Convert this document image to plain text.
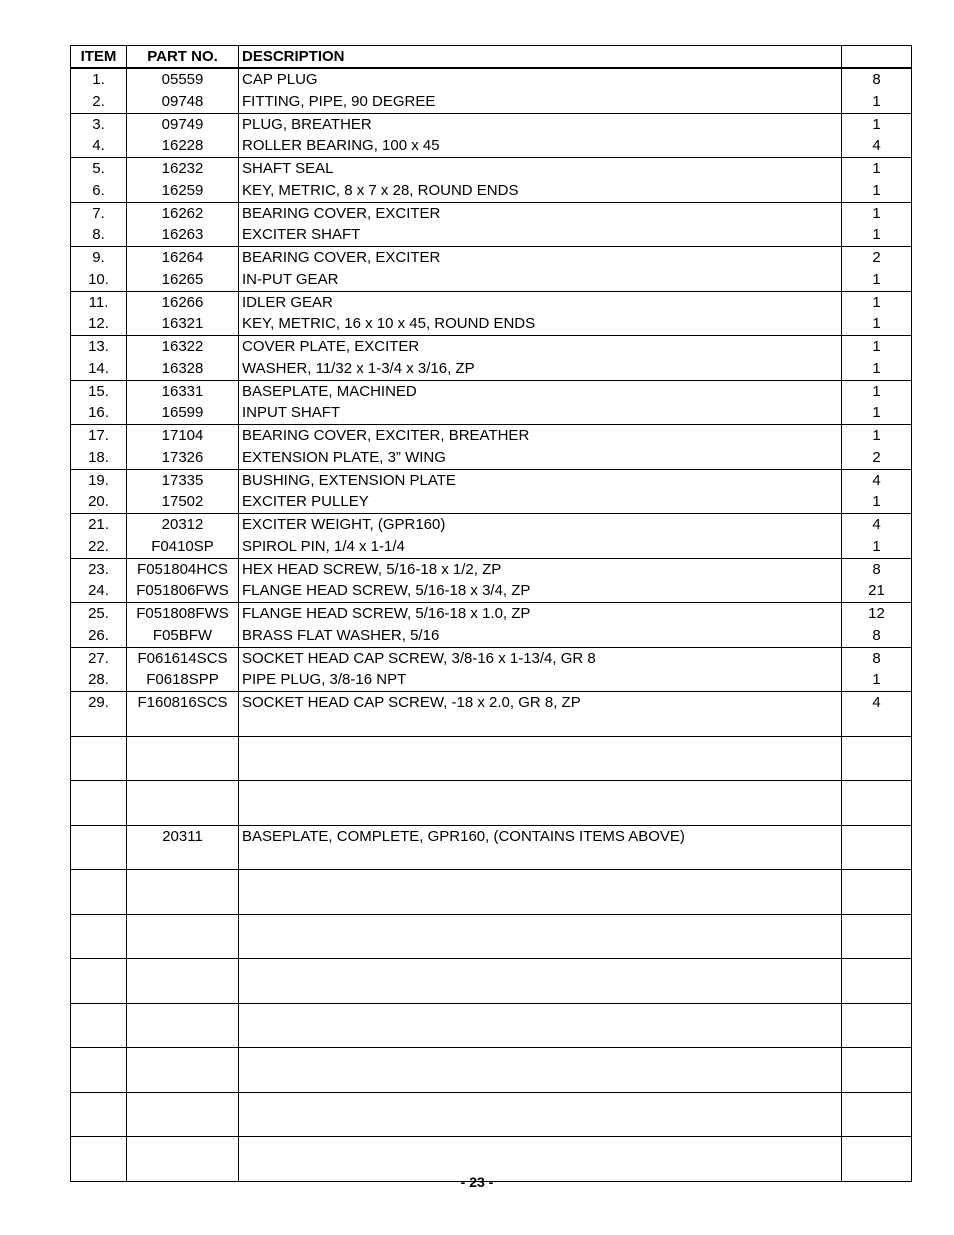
ITEM	PART NO.	DESCRIPTION	
1.	05559	CAP PLUG	8
2.	09748	FITTING, PIPE, 90 DEGREE	1
3.	09749	PLUG, BREATHER	1
4.	16228	ROLLER BEARING, 100 x 45	4
5.	16232	SHAFT SEAL	1
6.	16259	KEY, METRIC, 8 x 7 x 28, ROUND ENDS	1
7.	16262	BEARING COVER, EXCITER	1
8.	16263	EXCITER SHAFT	1
9.	16264	BEARING COVER, EXCITER	2
10.	16265	IN-PUT GEAR	1
11.	16266	IDLER GEAR	1
12.	16321	KEY, METRIC, 16 x 10 x 45, ROUND ENDS	1
13.	16322	COVER PLATE, EXCITER	1
14.	16328	WASHER, 11/32 x 1-3/4 x 3/16, ZP	1
15.	16331	BASEPLATE, MACHINED	1
16.	16599	INPUT SHAFT	1
17.	17104	BEARING COVER, EXCITER, BREATHER	1
18.	17326	EXTENSION PLATE, 3” WING	2
19.	17335	BUSHING, EXTENSION PLATE	4
20.	17502	EXCITER PULLEY	1
21.	20312	EXCITER WEIGHT, (GPR160)	4
22.	F0410SP	SPIROL PIN, 1/4 x 1-1/4	1
23.	F051804HCS	HEX HEAD SCREW, 5/16-18 x 1/2, ZP	8
24.	F051806FWS	FLANGE HEAD SCREW, 5/16-18 x 3/4, ZP	21
25.	F051808FWS	FLANGE HEAD SCREW, 5/16-18 x 1.0, ZP	12
26.	F05BFW	BRASS FLAT WASHER, 5/16	8
27.	F061614SCS	SOCKET HEAD CAP SCREW, 3/8-16 x 1-13/4, GR 8	8
28.	F0618SPP	PIPE PLUG, 3/8-16 NPT	1
29.	F160816SCS	SOCKET HEAD CAP SCREW, -18 x 2.0, GR 8, ZP	4

	20311	BASEPLATE, COMPLETE, GPR160, (CONTAINS ITEMS ABOVE)	

- 23 -
